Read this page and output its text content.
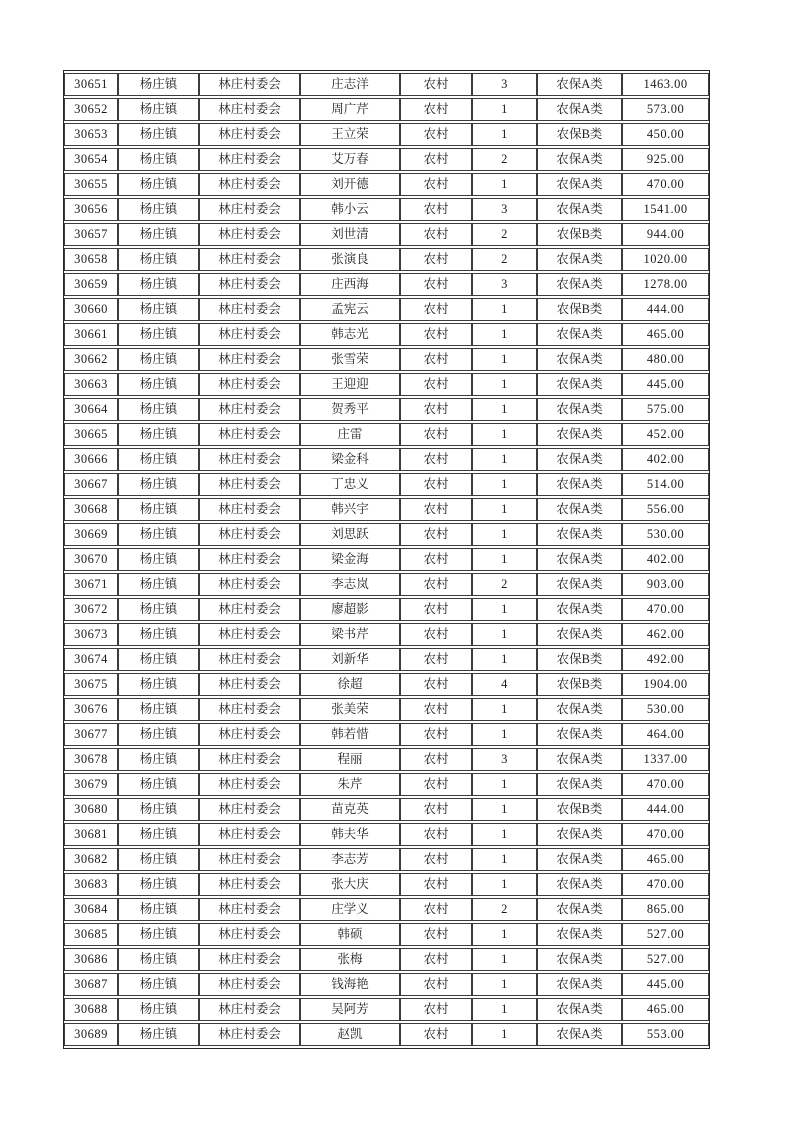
30651	杨庄镇	林庄村委会	庄志洋	农村	3	农保A类	1463.00
30652	杨庄镇	林庄村委会	周广芹	农村	1	农保A类	573.00
30653	杨庄镇	林庄村委会	王立荣	农村	1	农保B类	450.00
30654	杨庄镇	林庄村委会	艾万春	农村	2	农保A类	925.00
30655	杨庄镇	林庄村委会	刘开德	农村	1	农保A类	470.00
30656	杨庄镇	林庄村委会	韩小云	农村	3	农保A类	1541.00
30657	杨庄镇	林庄村委会	刘世清	农村	2	农保B类	944.00
30658	杨庄镇	林庄村委会	张演良	农村	2	农保A类	1020.00
30659	杨庄镇	林庄村委会	庄西海	农村	3	农保A类	1278.00
30660	杨庄镇	林庄村委会	孟宪云	农村	1	农保B类	444.00
30661	杨庄镇	林庄村委会	韩志光	农村	1	农保A类	465.00
30662	杨庄镇	林庄村委会	张雪荣	农村	1	农保A类	480.00
30663	杨庄镇	林庄村委会	王迎迎	农村	1	农保A类	445.00
30664	杨庄镇	林庄村委会	贺秀平	农村	1	农保A类	575.00
30665	杨庄镇	林庄村委会	庄雷	农村	1	农保A类	452.00
30666	杨庄镇	林庄村委会	梁金科	农村	1	农保A类	402.00
30667	杨庄镇	林庄村委会	丁忠义	农村	1	农保A类	514.00
30668	杨庄镇	林庄村委会	韩兴宇	农村	1	农保A类	556.00
30669	杨庄镇	林庄村委会	刘思跃	农村	1	农保A类	530.00
30670	杨庄镇	林庄村委会	梁金海	农村	1	农保A类	402.00
30671	杨庄镇	林庄村委会	李志岚	农村	2	农保A类	903.00
30672	杨庄镇	林庄村委会	廖超影	农村	1	农保A类	470.00
30673	杨庄镇	林庄村委会	梁书芹	农村	1	农保A类	462.00
30674	杨庄镇	林庄村委会	刘新华	农村	1	农保B类	492.00
30675	杨庄镇	林庄村委会	徐超	农村	4	农保B类	1904.00
30676	杨庄镇	林庄村委会	张美荣	农村	1	农保A类	530.00
30677	杨庄镇	林庄村委会	韩若惜	农村	1	农保A类	464.00
30678	杨庄镇	林庄村委会	程丽	农村	3	农保A类	1337.00
30679	杨庄镇	林庄村委会	朱芹	农村	1	农保A类	470.00
30680	杨庄镇	林庄村委会	苗克英	农村	1	农保B类	444.00
30681	杨庄镇	林庄村委会	韩夫华	农村	1	农保A类	470.00
30682	杨庄镇	林庄村委会	李志芳	农村	1	农保A类	465.00
30683	杨庄镇	林庄村委会	张大庆	农村	1	农保A类	470.00
30684	杨庄镇	林庄村委会	庄学义	农村	2	农保A类	865.00
30685	杨庄镇	林庄村委会	韩硕	农村	1	农保A类	527.00
30686	杨庄镇	林庄村委会	张梅	农村	1	农保A类	527.00
30687	杨庄镇	林庄村委会	钱海艳	农村	1	农保A类	445.00
30688	杨庄镇	林庄村委会	吴阿芳	农村	1	农保A类	465.00
30689	杨庄镇	林庄村委会	赵凯	农村	1	农保A类	553.00
